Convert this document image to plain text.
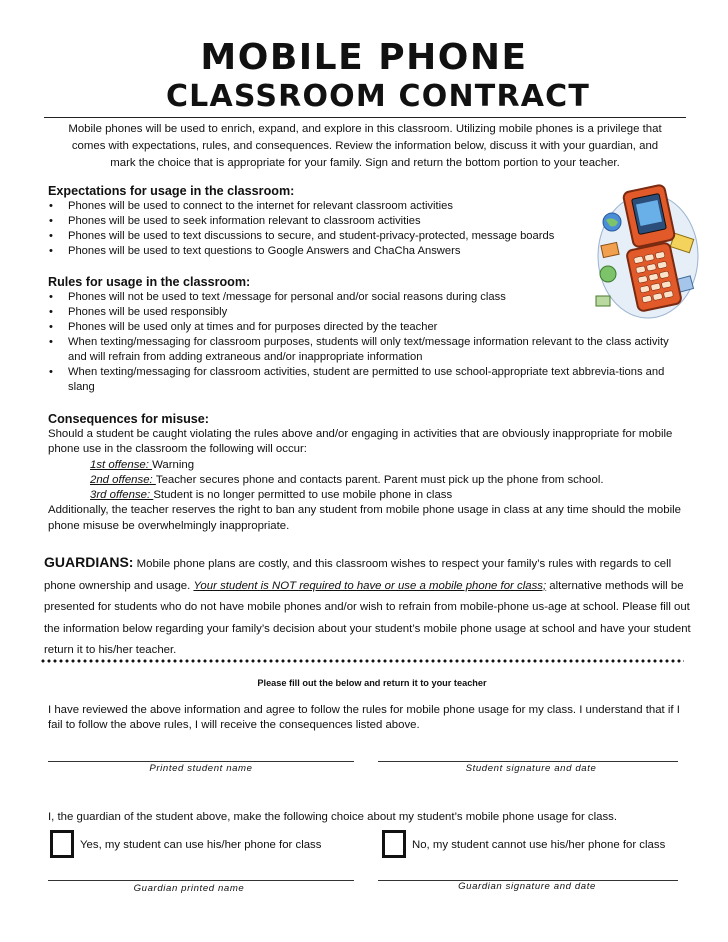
MOBILE PHONE
CLASSROOM CONTRACT
Mobile phones will be used to enrich, expand, and explore in this classroom. Utilizing mobile phones is a privilege that
comes with expectations, rules, and consequences. Review the information below, discuss it with your guardian, and
mark the choice that is appropriate for your family. Sign and return the bottom portion to your teacher.
Expectations for usage in the classroom:
• Phones will be used to connect to the internet for relevant classroom activities
• Phones will be used to seek information relevant to classroom activities
• Phones will be used to text discussions to secure, and student-privacy-protected, message boards
• Phones will be used to text questions to Google Answers and ChaCha Answers
Rules for usage in the classroom:
• Phones will not be used to text /message for personal and/or social reasons during class
• Phones will be used responsibly
• Phones will be used only at times and for purposes directed by the teacher
• When texting/messaging for classroom purposes, students will only text/message information relevant to the class activity and will refrain from adding extraneous and/or inappropriate information
• When texting/messaging for classroom activities, student are permitted to use school-appropriate text abbrevia-tions and slang
Consequences for misuse:
Should a student be caught violating the rules above and/or engaging in activities that are obviously inappropriate for mobile phone use in the classroom the following will occur:
1st offense: Warning
2nd offense: Teacher secures phone and contacts parent. Parent must pick up the phone from school.
3rd offense: Student is no longer permitted to use mobile phone in class
Additionally, the teacher reserves the right to ban any student from mobile phone usage in class at any time should the mobile phone misuse be overwhelmingly inappropriate.
GUARDIANS: Mobile phone plans are costly, and this classroom wishes to respect your family’s rules with regards to cell phone ownership and usage. Your student is NOT required to have or use a mobile phone for class; alternative methods will be presented for students who do not have mobile phones and/or wish to refrain from mobile-phone us-age at school. Please fill out the information below regarding your family’s decision about your student’s mobile phone usage at school and have your student return it to his/her teacher.
Please fill out the below and return it to your teacher
I have reviewed the above information and agree to follow the rules for mobile phone usage for my class. I understand that if I fail to follow the above rules, I will receive the consequences listed above.
Printed student name	Student signature and date
I, the guardian of the student above, make the following choice about my student’s mobile phone usage for class.
Yes, my student can use his/her phone for class	No, my student cannot use his/her phone for class
Guardian printed name	Guardian signature and date
